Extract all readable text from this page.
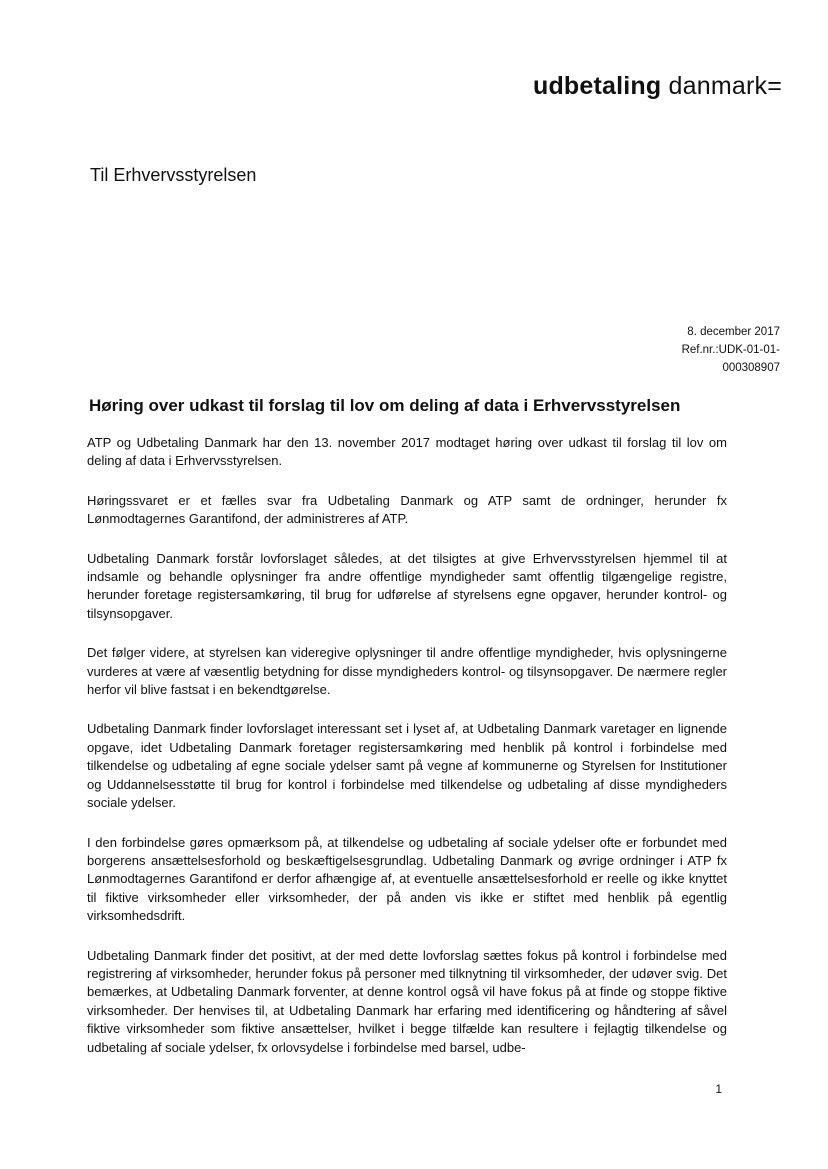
udbetaling danmark=
Til Erhvervsstyrelsen
8. december 2017
Ref.nr.:UDK-01-01-
000308907
Høring over udkast til forslag til lov om deling af data i Erhvervsstyrelsen

ATP og Udbetaling Danmark har den 13. november 2017 modtaget høring over udkast til forslag til lov om deling af data i Erhvervsstyrelsen.

Høringssvaret er et fælles svar fra Udbetaling Danmark og ATP samt de ordninger, herunder fx Lønmodtagernes Garantifond, der administreres af ATP.

Udbetaling Danmark forstår lovforslaget således, at det tilsigtes at give Erhvervsstyrelsen hjemmel til at indsamle og behandle oplysninger fra andre offentlige myndigheder samt offentlig tilgængelige registre, herunder foretage registersamkøring, til brug for udførelse af styrelsens egne opgaver, herunder kontrol- og tilsynsopgaver.

Det følger videre, at styrelsen kan videregive oplysninger til andre offentlige myndigheder, hvis oplysningerne vurderes at være af væsentlig betydning for disse myndigheders kontrol- og tilsynsopgaver. De nærmere regler herfor vil blive fastsat i en bekendtgørelse.

Udbetaling Danmark finder lovforslaget interessant set i lyset af, at Udbetaling Danmark varetager en lignende opgave, idet Udbetaling Danmark foretager registersamkøring med henblik på kontrol i forbindelse med tilkendelse og udbetaling af egne sociale ydelser samt på vegne af kommunerne og Styrelsen for Institutioner og Uddannelsesstøtte til brug for kontrol i forbindelse med tilkendelse og udbetaling af disse myndigheders sociale ydelser.

I den forbindelse gøres opmærksom på, at tilkendelse og udbetaling af sociale ydelser ofte er forbundet med borgerens ansættelsesforhold og beskæftigelsesgrundlag. Udbetaling Danmark og øvrige ordninger i ATP fx Lønmodtagernes Garantifond er derfor afhængige af, at eventuelle ansættelsesforhold er reelle og ikke knyttet til fiktive virksomheder eller virksomheder, der på anden vis ikke er stiftet med henblik på egentlig virksomhedsdrift.

Udbetaling Danmark finder det positivt, at der med dette lovforslag sættes fokus på kontrol i forbindelse med registrering af virksomheder, herunder fokus på personer med tilknytning til virksomheder, der udøver svig. Det bemærkes, at Udbetaling Danmark forventer, at denne kontrol også vil have fokus på at finde og stoppe fiktive virksomheder. Der henvises til, at Udbetaling Danmark har erfaring med identificering og håndtering af såvel fiktive virksomheder som fiktive ansættelser, hvilket i begge tilfælde kan resultere i fejlagtig tilkendelse og udbetaling af sociale ydelser, fx orlovsydelse i forbindelse med barsel, udbe-

1
